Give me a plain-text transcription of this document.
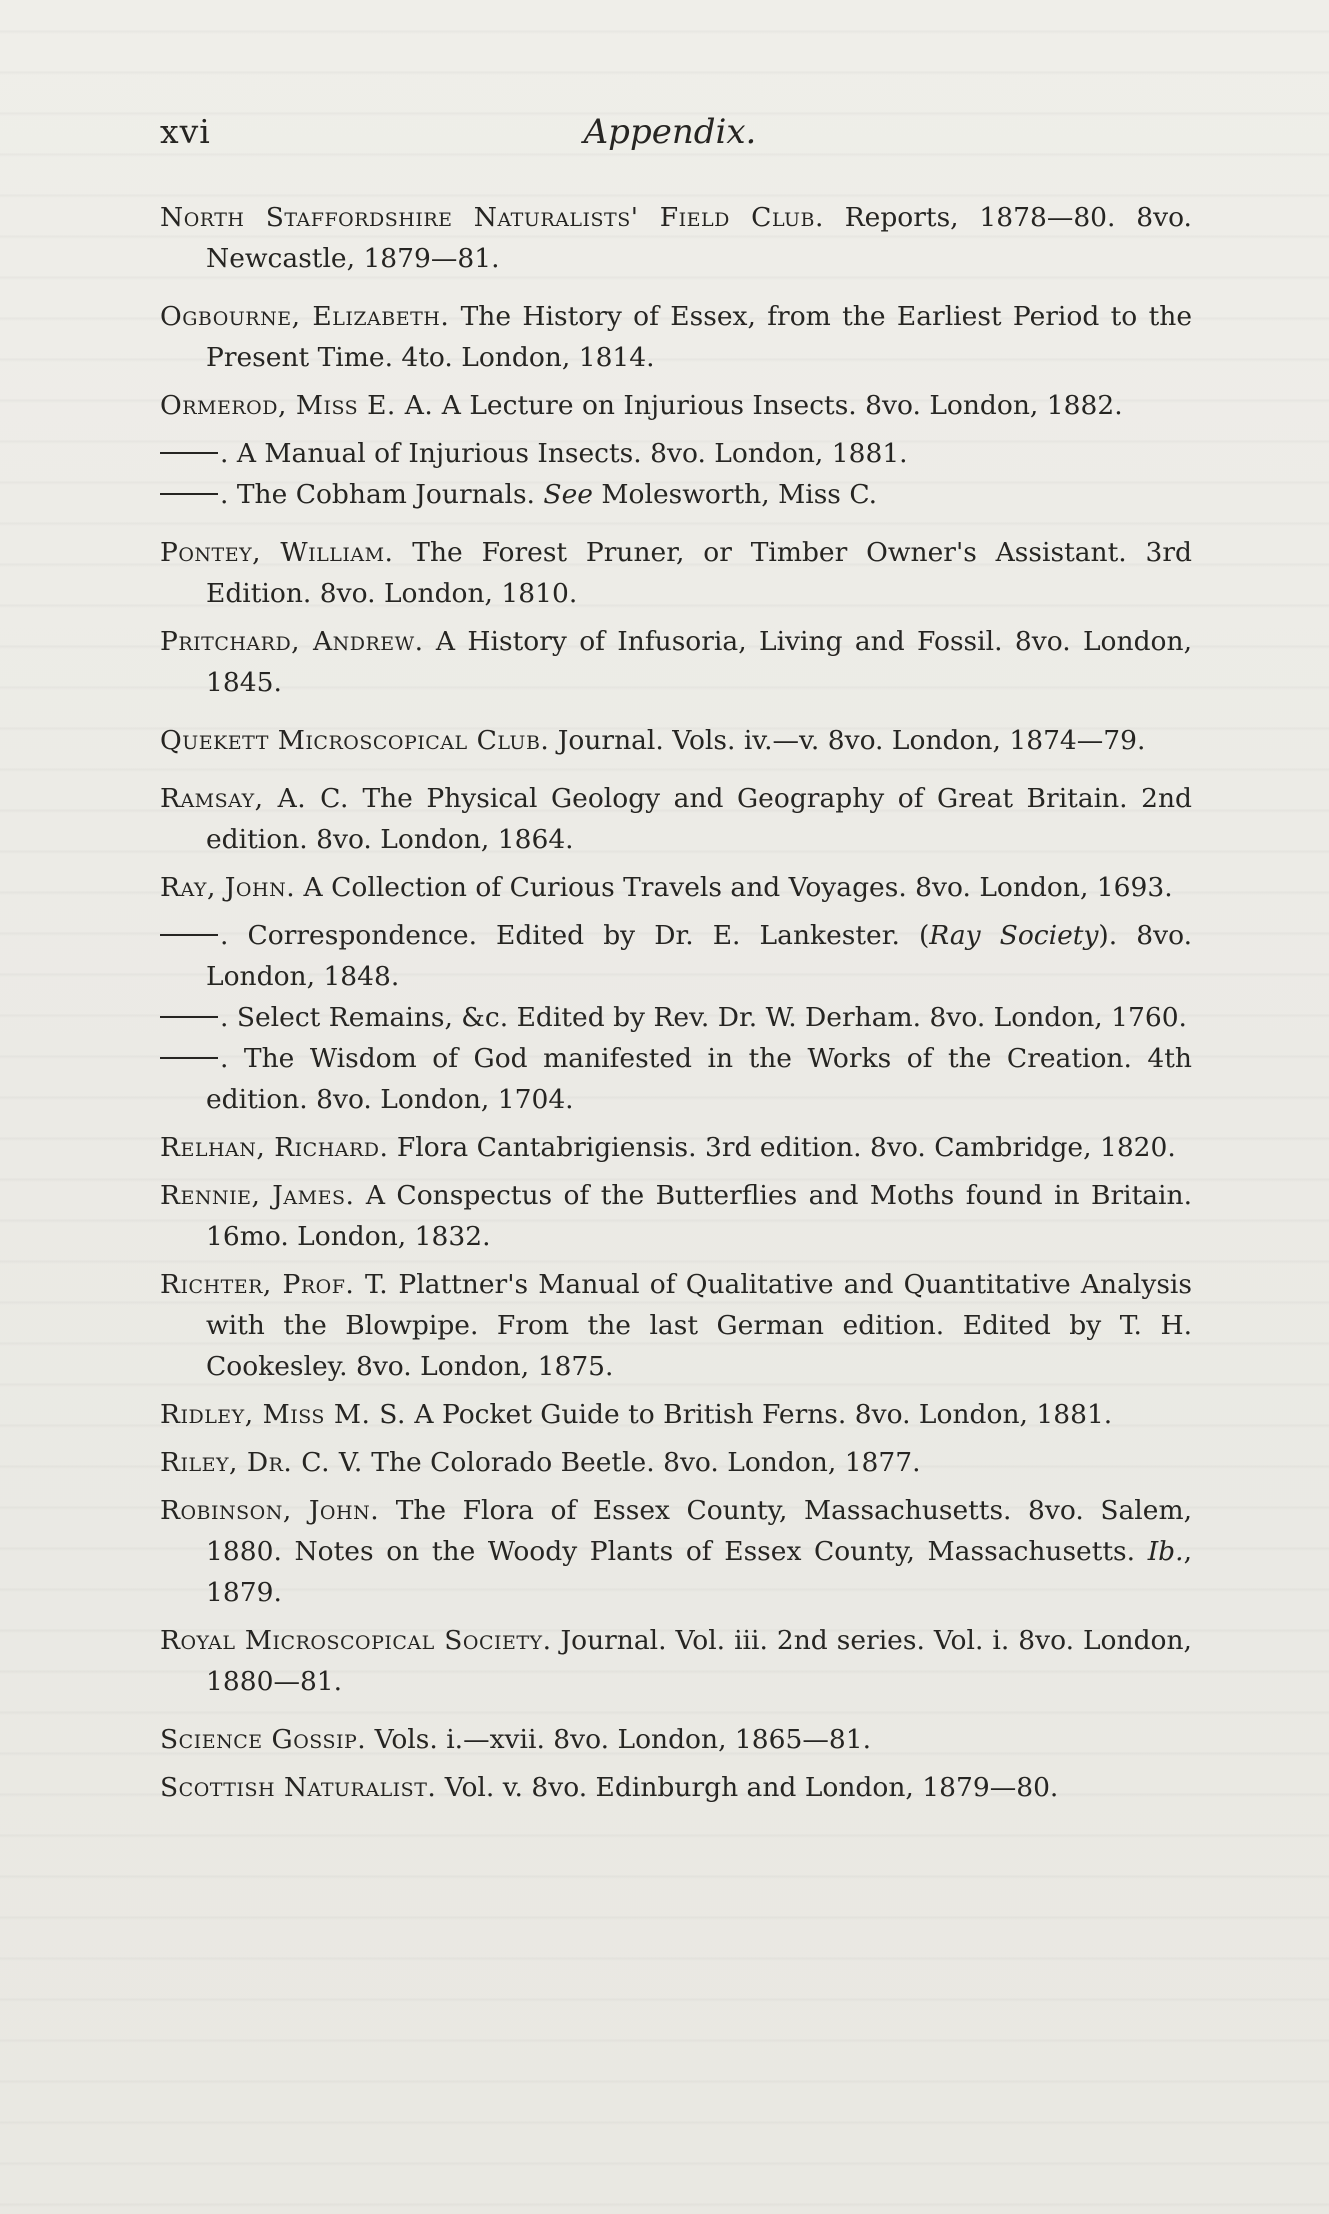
xvi	Appendix.
North Staffordshire Naturalists' Field Club. Reports, 1878—80. 8vo. Newcastle, 1879—81.
Ogbourne, Elizabeth. The History of Essex, from the Earliest Period to the Present Time. 4to. London, 1814.
Ormerod, Miss E. A. A Lecture on Injurious Insects. 8vo. London, 1882.
. A Manual of Injurious Insects. 8vo. London, 1881.
. The Cobham Journals. See Molesworth, Miss C.
Pontey, William. The Forest Pruner, or Timber Owner's Assistant. 3rd Edition. 8vo. London, 1810.
Pritchard, Andrew. A History of Infusoria, Living and Fossil. 8vo. London, 1845.
Quekett Microscopical Club. Journal. Vols. iv.—v. 8vo. London, 1874—79.
Ramsay, A. C. The Physical Geology and Geography of Great Britain. 2nd edition. 8vo. London, 1864.
Ray, John. A Collection of Curious Travels and Voyages. 8vo. London, 1693.
. Correspondence. Edited by Dr. E. Lankester. (Ray Society). 8vo. London, 1848.
. Select Remains, &c. Edited by Rev. Dr. W. Derham. 8vo. London, 1760.
. The Wisdom of God manifested in the Works of the Creation. 4th edition. 8vo. London, 1704.
Relhan, Richard. Flora Cantabrigiensis. 3rd edition. 8vo. Cambridge, 1820.
Rennie, James. A Conspectus of the Butterflies and Moths found in Britain. 16mo. London, 1832.
Richter, Prof. T. Plattner's Manual of Qualitative and Quantitative Analysis with the Blowpipe. From the last German edition. Edited by T. H. Cookesley. 8vo. London, 1875.
Ridley, Miss M. S. A Pocket Guide to British Ferns. 8vo. London, 1881.
Riley, Dr. C. V. The Colorado Beetle. 8vo. London, 1877.
Robinson, John. The Flora of Essex County, Massachusetts. 8vo. Salem, 1880. Notes on the Woody Plants of Essex County, Massachusetts. Ib., 1879.
Royal Microscopical Society. Journal. Vol. iii. 2nd series. Vol. i. 8vo. London, 1880—81.
Science Gossip. Vols. i.—xvii. 8vo. London, 1865—81.
Scottish Naturalist. Vol. v. 8vo. Edinburgh and London, 1879—80.
